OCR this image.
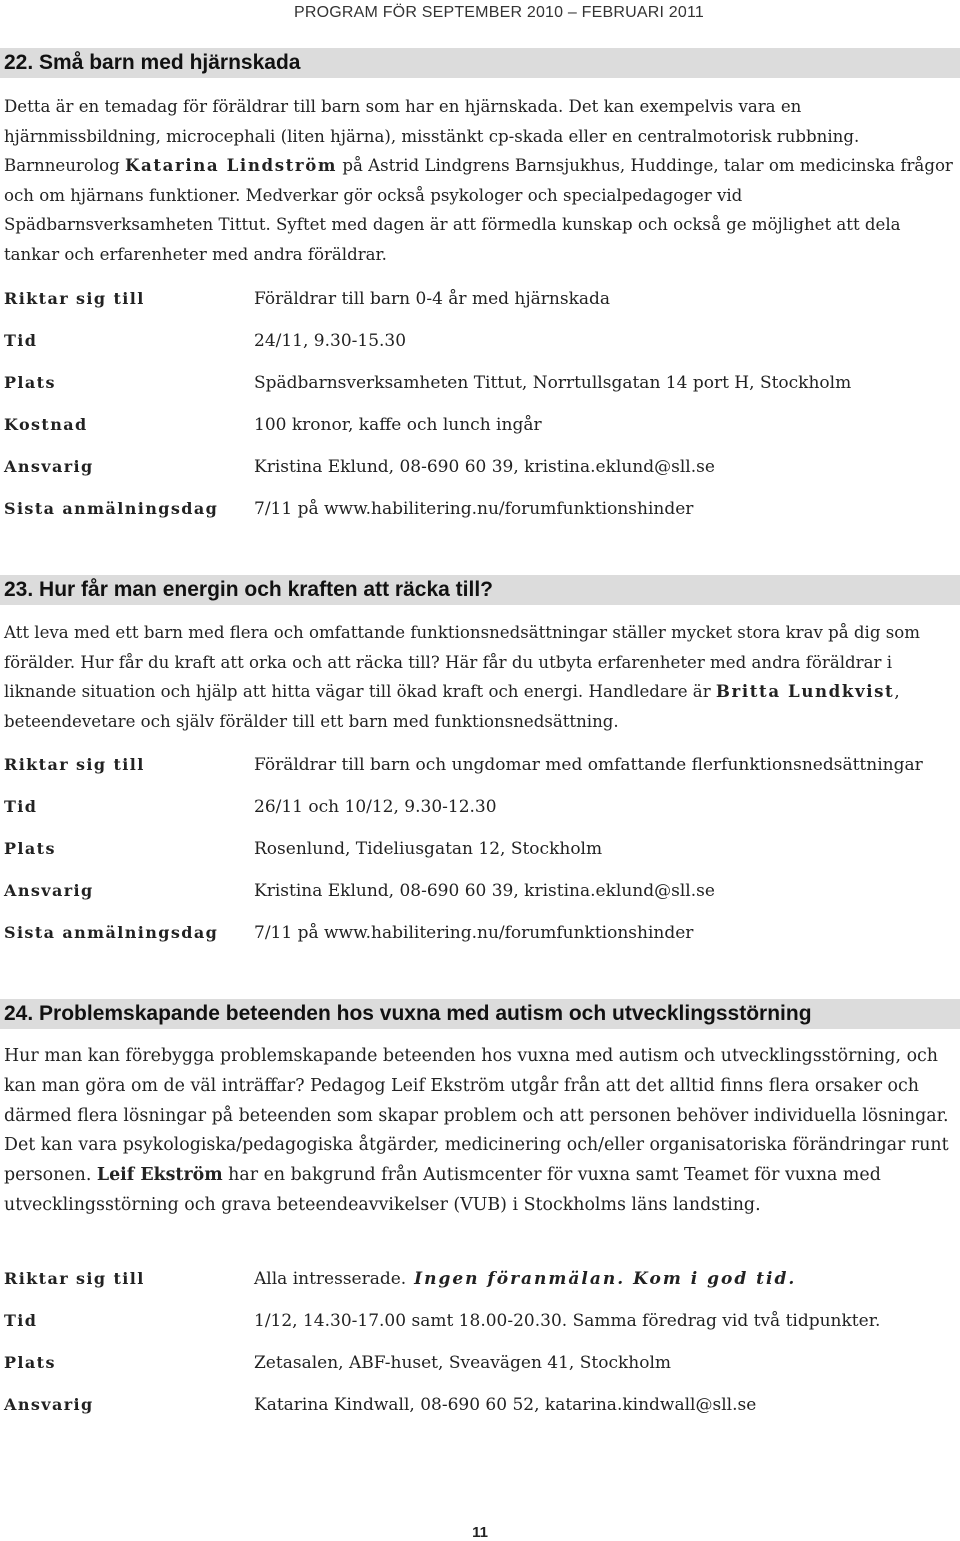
PROGRAM FÖR SEPTEMBER 2010 – FEBRUARI 2011
22. Små barn med hjärnskada
Detta är en temadag för föräldrar till barn som har en hjärnskada. Det kan exempelvis vara en hjärnmissbildning, microcephali (liten hjärna), misstänkt cp-skada eller en centralmotorisk rubbning. Barnneurolog Katarina Lindström på Astrid Lindgrens Barnsjukhus, Huddinge, talar om medicinska frågor och om hjärnans funktioner. Medverkar gör också psykologer och specialpedagoger vid Spädbarnsverksamheten Tittut. Syftet med dagen är att förmedla kunskap och också ge möjlighet att dela tankar och erfarenheter med andra föräldrar.
Riktar sig till	Föräldrar till barn 0-4 år med hjärnskada
Tid	24/11, 9.30-15.30
Plats	Spädbarnsverksamheten Tittut, Norrtullsgatan 14 port H, Stockholm
Kostnad	100 kronor, kaffe och lunch ingår
Ansvarig	Kristina Eklund, 08-690 60 39, kristina.eklund@sll.se
Sista anmälningsdag 7/11 på www.habilitering.nu/forumfunktionshinder
23. Hur får man energin och kraften att räcka till?
Att leva med ett barn med flera och omfattande funktionsnedsättningar ställer mycket stora krav på dig som förälder. Hur får du kraft att orka och att räcka till? Här får du utbyta erfarenheter med andra föräldrar i liknande situation och hjälp att hitta vägar till ökad kraft och energi. Handledare är Britta Lundkvist, beteendevetare och själv förälder till ett barn med funktionsnedsättning.
Riktar sig till	Föräldrar till barn och ungdomar med omfattande flerfunktionsnedsättningar
Tid	26/11 och 10/12, 9.30-12.30
Plats	Rosenlund, Tideliusgatan 12, Stockholm
Ansvarig	Kristina Eklund, 08-690 60 39, kristina.eklund@sll.se
Sista anmälningsdag 7/11 på www.habilitering.nu/forumfunktionshinder
24. Problemskapande beteenden hos vuxna med autism och utvecklingsstörning
Hur man kan förebygga problemskapande beteenden hos vuxna med autism och utvecklingsstörning, och kan man göra om de väl inträffar? Pedagog Leif Ekström utgår från att det alltid finns flera orsaker och därmed flera lösningar på beteenden som skapar problem och att personen behöver individuella lösningar. Det kan vara psykologiska/pedagogiska åtgärder, medicinering och/eller organisatoriska förändringar runt personen. Leif Ekström har en bakgrund från Autismcenter för vuxna samt Teamet för vuxna med utvecklingsstörning och grava beteendeavvikelser (VUB) i Stockholms läns landsting.
Riktar sig till	Alla intresserade. Ingen föranmälan. Kom i god tid.
Tid	1/12, 14.30-17.00 samt 18.00-20.30. Samma föredrag vid två tidpunkter.
Plats	Zetasalen, ABF-huset, Sveavägen 41, Stockholm
Ansvarig	Katarina Kindwall, 08-690 60 52, katarina.kindwall@sll.se
11
